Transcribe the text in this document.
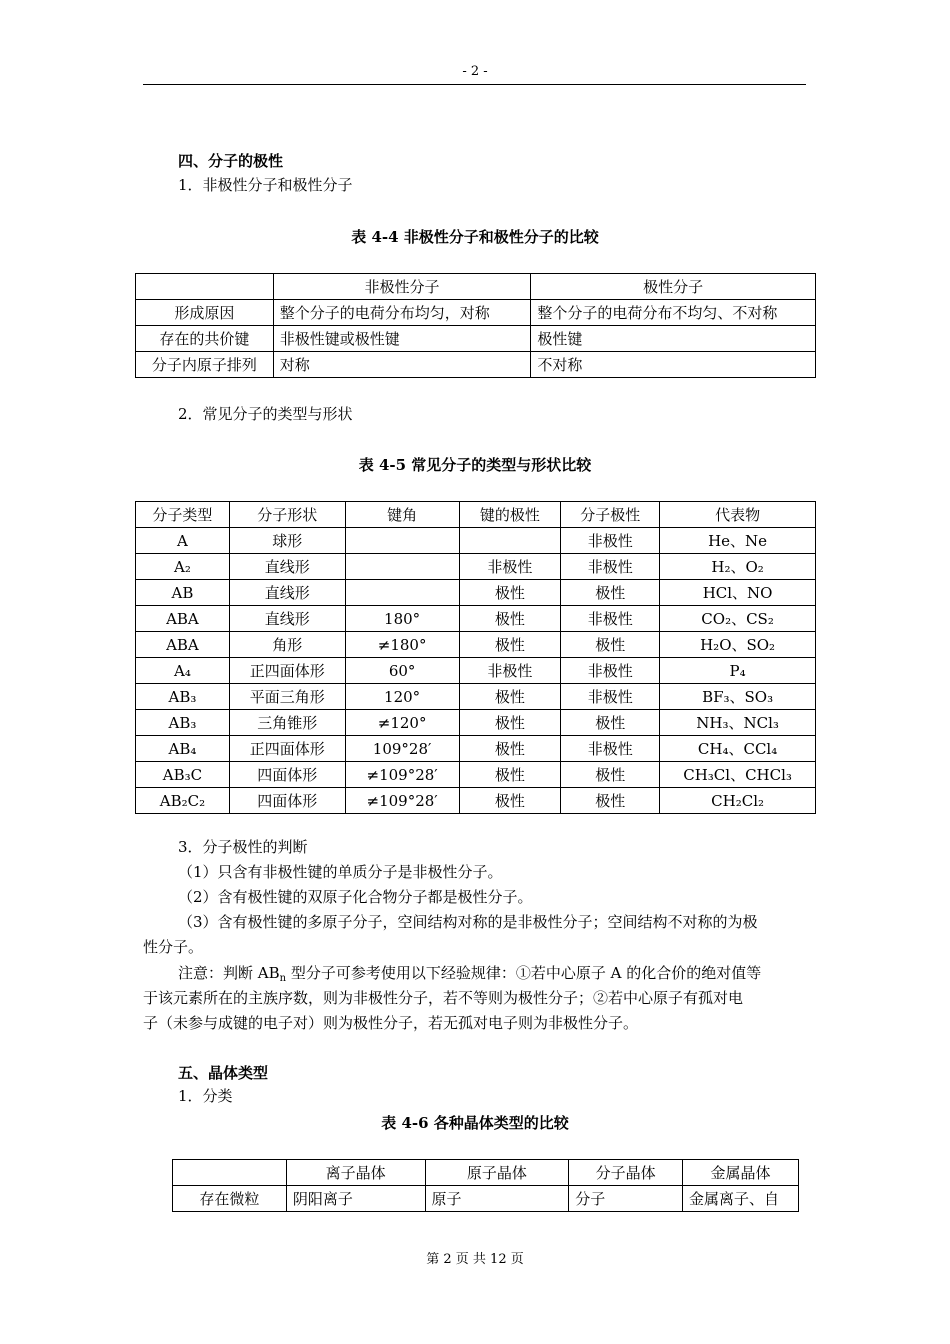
- 2 -
四、分子的极性
1．非极性分子和极性分子
表 4-4 非极性分子和极性分子的比较
	非极性分子	极性分子
形成原因	整个分子的电荷分布均匀，对称	整个分子的电荷分布不均匀、不对称
存在的共价键	非极性键或极性键	极性键
分子内原子排列	对称	不对称
2．常见分子的类型与形状
表 4-5 常见分子的类型与形状比较
分子类型	分子形状	键角	键的极性	分子极性	代表物
A	球形			非极性	He、Ne
A₂	直线形		非极性	非极性	H₂、O₂
AB	直线形		极性	极性	HCl、NO
ABA	直线形	180°	极性	非极性	CO₂、CS₂
ABA	角形	≠180°	极性	极性	H₂O、SO₂
A₄	正四面体形	60°	非极性	非极性	P₄
AB₃	平面三角形	120°	极性	非极性	BF₃、SO₃
AB₃	三角锥形	≠120°	极性	极性	NH₃、NCl₃
AB₄	正四面体形	109°28′	极性	非极性	CH₄、CCl₄
AB₃C	四面体形	≠109°28′	极性	极性	CH₃Cl、CHCl₃
AB₂C₂	四面体形	≠109°28′	极性	极性	CH₂Cl₂
3．分子极性的判断
（1）只含有非极性键的单质分子是非极性分子。
（2）含有极性键的双原子化合物分子都是极性分子。
（3）含有极性键的多原子分子，空间结构对称的是非极性分子；空间结构不对称的为极
性分子。
注意：判断 $AB_n$ 型分子可参考使用以下经验规律：①若中心原子 A 的化合价的绝对值等
于该元素所在的主族序数，则为非极性分子，若不等则为极性分子；②若中心原子有孤对电
子（未参与成键的电子对）则为极性分子，若无孤对电子则为非极性分子。
五、晶体类型
1．分类
表 4-6 各种晶体类型的比较
	离子晶体	原子晶体	分子晶体	金属晶体
存在微粒	阴阳离子	原子	分子	金属离子、自
第 2 页 共 12 页
